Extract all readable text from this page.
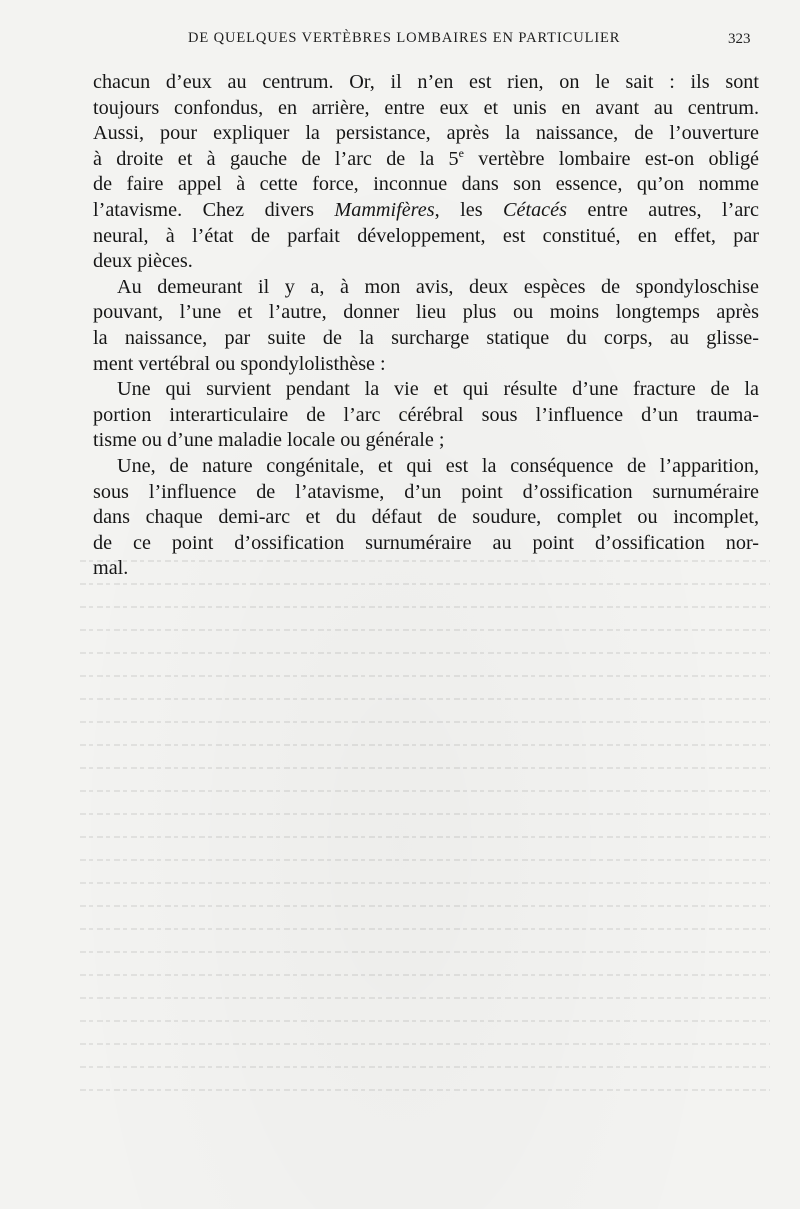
DE QUELQUES VERTÈBRES LOMBAIRES EN PARTICULIER	323
chacun d’eux au centrum. Or, il n’en est rien, on le sait : ils sont
toujours confondus, en arrière, entre eux et unis en avant au centrum.
Aussi, pour expliquer la persistance, après la naissance, de l’ouverture
à droite et à gauche de l’arc de la 5e vertèbre lombaire est-on obligé
de faire appel à cette force, inconnue dans son essence, qu’on nomme
l’atavisme. Chez divers Mammifères, les Cétacés entre autres, l’arc
neural, à l’état de parfait développement, est constitué, en effet, par
deux pièces.
Au demeurant il y a, à mon avis, deux espèces de spondyloschise
pouvant, l’une et l’autre, donner lieu plus ou moins longtemps après
la naissance, par suite de la surcharge statique du corps, au glisse-
ment vertébral ou spondylolisthèse :
Une qui survient pendant la vie et qui résulte d’une fracture de la
portion interarticulaire de l’arc cérébral sous l’influence d’un trauma-
tisme ou d’une maladie locale ou générale ;
Une, de nature congénitale, et qui est la conséquence de l’apparition,
sous l’influence de l’atavisme, d’un point d’ossification surnuméraire
dans chaque demi-arc et du défaut de soudure, complet ou incomplet,
de ce point d’ossification surnuméraire au point d’ossification nor-
mal.
